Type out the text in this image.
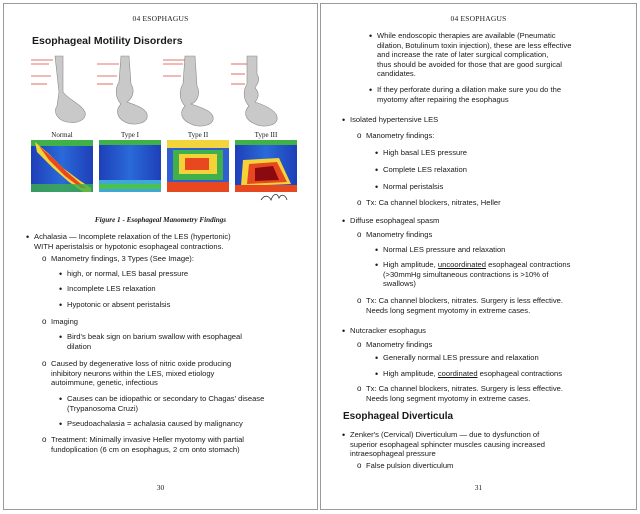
04 ESOPHAGUS
Esophageal Motility Disorders
Normal	Type I	Type II	Type III
Figure 1 - Esophageal Manometry Findings
• Achalasia — Incomplete relaxation of the LES (hypertonic)
WITH aperistalsis or hypotonic esophageal contractions.
o Manometry findings, 3 Types (See Image):
• high, or normal, LES basal pressure
• Incomplete LES relaxation
• Hypotonic or absent peristalsis
o Imaging
• Bird's beak sign on barium swallow with esophageal
dilation
o Caused by degenerative loss of nitric oxide producing
inhibitory neurons within the LES, mixed etiology
autoimmune, genetic, infectious
• Causes can be idiopathic or secondary to Chagas' disease
(Trypanosoma Cruzi)
• Pseudoachalasia = achalasia caused by malignancy
o Treatment: Minimally invasive Heller myotomy with partial
fundoplication (6 cm on esophagus, 2 cm onto stomach)
30
04 ESOPHAGUS
• While endoscopic therapies are available (Pneumatic
dilation, Botulinum toxin injection), these are less effective
and increase the rate of later surgical complication,
thus should be avoided for those that are good surgical
candidates.
• If they perforate during a dilation make sure you do the
myotomy after repairing the esophagus
• Isolated hypertensive LES
o Manometry findings:
• High basal LES pressure
• Complete LES relaxation
• Normal peristalsis
o Tx: Ca channel blockers, nitrates, Heller
• Diffuse esophageal spasm
o Manometry findings
• Normal LES pressure and relaxation
• High amplitude, uncoordinated esophageal contractions
(>30mmHg simultaneous contractions is >10% of
swallows)
o Tx: Ca channel blockers, nitrates. Surgery is less effective.
Needs long segment myotomy in extreme cases.
• Nutcracker esophagus
o Manometry findings
• Generally normal LES pressure and relaxation
• High amplitude, coordinated esophageal contractions
o Tx: Ca channel blockers, nitrates. Surgery is less effective.
Needs long segment myotomy in extreme cases.
Esophageal Diverticula
• Zenker's (Cervical) Diverticulum — due to dysfunction of
superior esophageal sphincter muscles causing increased
intraesophageal pressure
o False pulsion diverticulum
31
